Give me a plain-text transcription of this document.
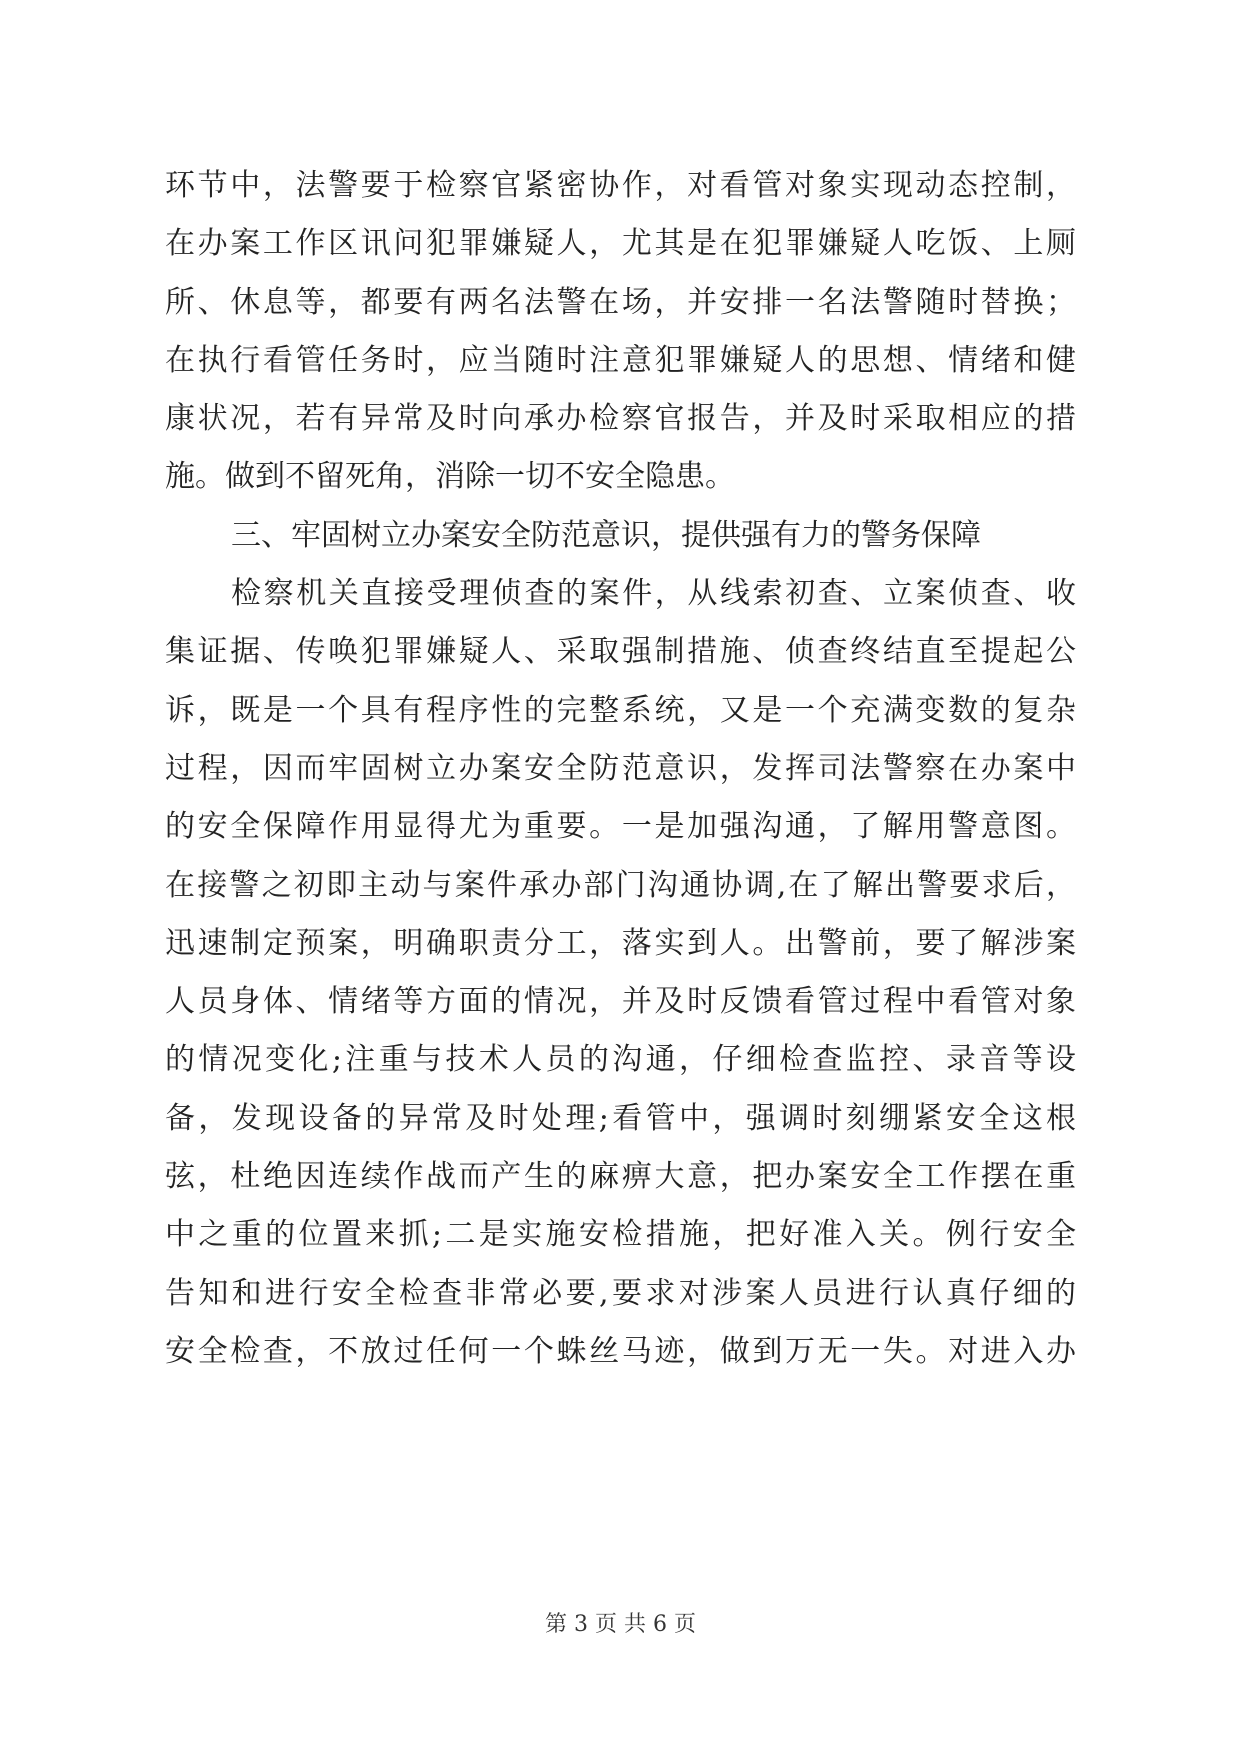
环节中，法警要于检察官紧密协作，对看管对象实现动态控制，
在办案工作区讯问犯罪嫌疑人，尤其是在犯罪嫌疑人吃饭、上厕
所、休息等，都要有两名法警在场，并安排一名法警随时替换；
在执行看管任务时，应当随时注意犯罪嫌疑人的思想、情绪和健
康状况，若有异常及时向承办检察官报告，并及时采取相应的措
施。做到不留死角，消除一切不安全隐患。
三、牢固树立办案安全防范意识，提供强有力的警务保障
检察机关直接受理侦查的案件，从线索初查、立案侦查、收
集证据、传唤犯罪嫌疑人、采取强制措施、侦查终结直至提起公
诉，既是一个具有程序性的完整系统，又是一个充满变数的复杂
过程，因而牢固树立办案安全防范意识，发挥司法警察在办案中
的安全保障作用显得尤为重要。一是加强沟通，了解用警意图。
在接警之初即主动与案件承办部门沟通协调,在了解出警要求后，
迅速制定预案，明确职责分工，落实到人。出警前，要了解涉案
人员身体、情绪等方面的情况，并及时反馈看管过程中看管对象
的情况变化;注重与技术人员的沟通，仔细检查监控、录音等设
备，发现设备的异常及时处理;看管中，强调时刻绷紧安全这根
弦，杜绝因连续作战而产生的麻痹大意，把办案安全工作摆在重
中之重的位置来抓;二是实施安检措施，把好准入关。例行安全
告知和进行安全检查非常必要,要求对涉案人员进行认真仔细的
安全检查，不放过任何一个蛛丝马迹，做到万无一失。对进入办
第 3 页 共 6 页
